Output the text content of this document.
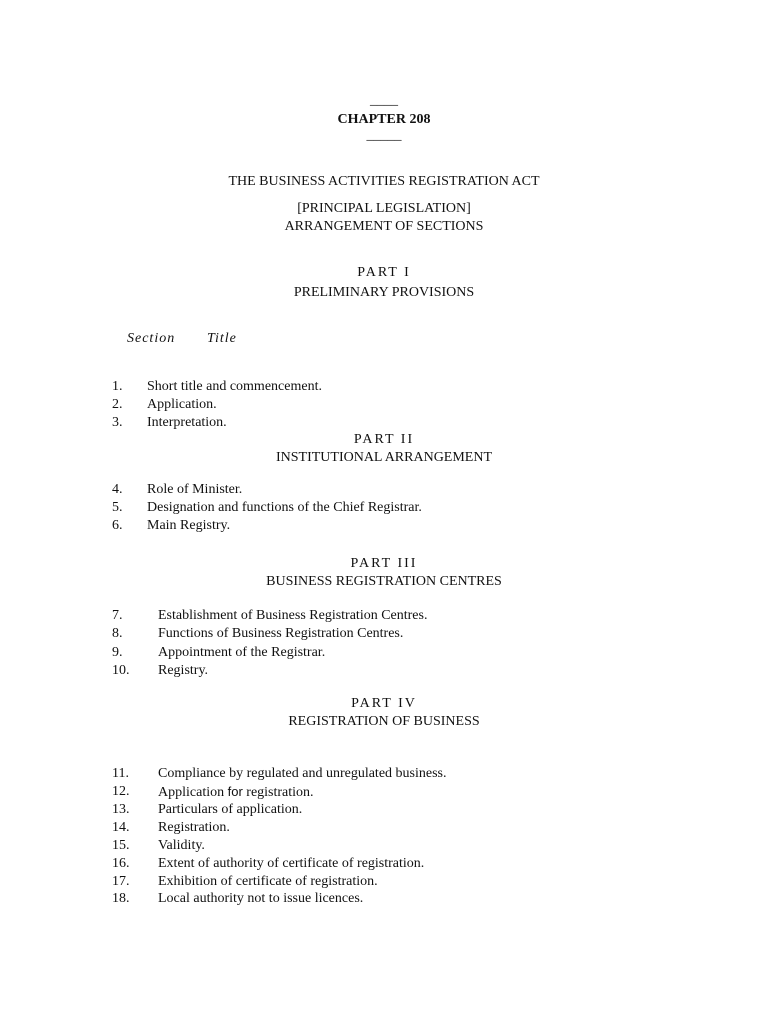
____
CHAPTER 208
_____
THE BUSINESS ACTIVITIES REGISTRATION ACT
[PRINCIPAL LEGISLATION]
ARRANGEMENT OF SECTIONS
PART I
PRELIMINARY PROVISIONS
Section Title
1. Short title and commencement.
2. Application.
3. Interpretation.
PART II
INSTITUTIONAL ARRANGEMENT
4. Role of Minister.
5. Designation and functions of the Chief Registrar.
6. Main Registry.
PART III
BUSINESS REGISTRATION CENTRES
7.	Establishment of Business Registration Centres.
8.	Functions of Business Registration Centres.
9.	Appointment of the Registrar.
10. Registry.
PART IV
REGISTRATION OF BUSINESS
11. Compliance by regulated and unregulated business.
12. Application for registration.
13. Particulars of application.
14. Registration.
15. Validity.
16. Extent of authority of certificate of registration.
17. Exhibition of certificate of registration.
18. Local authority not to issue licences.
